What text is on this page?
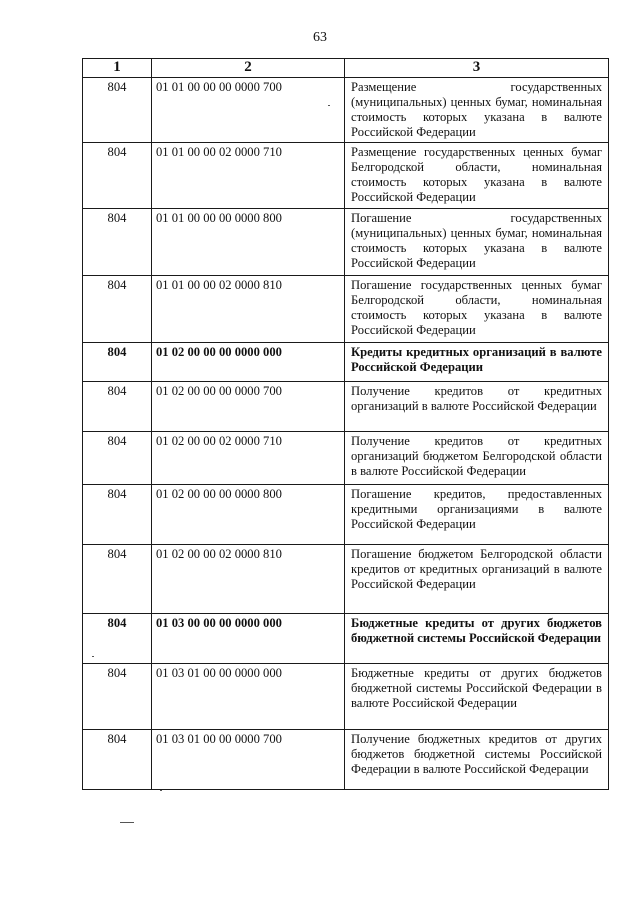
63
1	2	3
804	01 01 00 00 00 0000 700	Размещение государственных (муниципальных) ценных бумаг, номинальная стоимость которых указана в валюте Российской Федерации
804	01 01 00 00 02 0000 710	Размещение государственных ценных бумаг Белгородской области, номинальная стоимость которых указана в валюте Российской Федерации
804	01 01 00 00 00 0000 800	Погашение государственных (муниципальных) ценных бумаг, номинальная стоимость которых указана в валюте Российской Федерации
804	01 01 00 00 02 0000 810	Погашение государственных ценных бумаг Белгородской области, номинальная стоимость которых указана в валюте Российской Федерации
804	01 02 00 00 00 0000 000	Кредиты кредитных организаций в валюте Российской Федерации
804	01 02 00 00 00 0000 700	Получение кредитов от кредитных организаций в валюте Российской Федерации
804	01 02 00 00 02 0000 710	Получение кредитов от кредитных организаций бюджетом Белгородской области в валюте Российской Федерации
804	01 02 00 00 00 0000 800	Погашение кредитов, предоставленных кредитными организациями в валюте Российской Федерации
804	01 02 00 00 02 0000 810	Погашение бюджетом Белгородской области кредитов от кредитных организаций в валюте Российской Федерации
804	01 03 00 00 00 0000 000	Бюджетные кредиты от других бюджетов бюджетной системы Российской Федерации
804	01 03 01 00 00 0000 000	Бюджетные кредиты от других бюджетов бюджетной системы Российской Федерации в валюте Российской Федерации
804	01 03 01 00 00 0000 700	Получение бюджетных кредитов от других бюджетов бюджетной системы Российской Федерации в валюте Российской Федерации
